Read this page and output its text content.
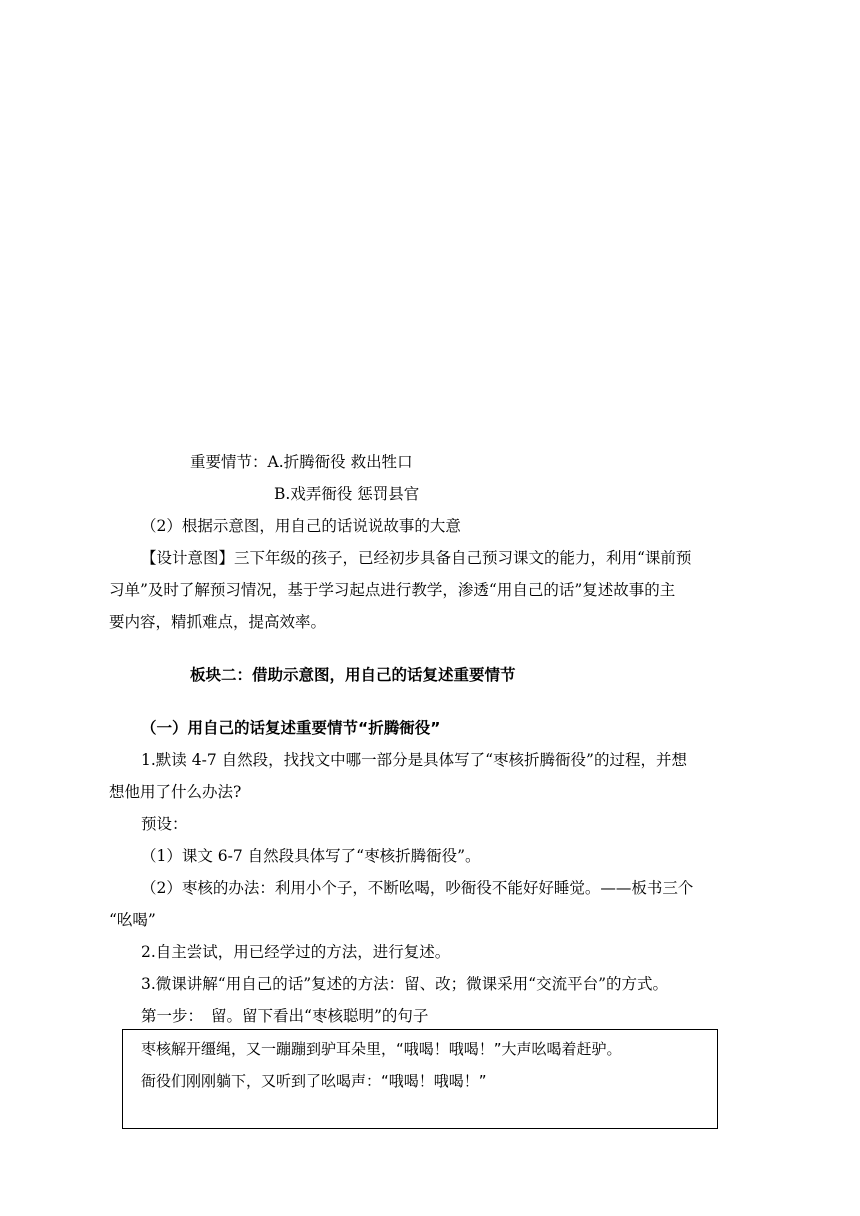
重要情节：A.折腾衙役 救出牲口
B.戏弄衙役 惩罚县官
（2）根据示意图，用自己的话说说故事的大意
【设计意图】三下年级的孩子，已经初步具备自己预习课文的能力，利用“课前预
习单”及时了解预习情况，基于学习起点进行教学，渗透“用自己的话”复述故事的主
要内容，精抓难点，提高效率。
板块二：借助示意图，用自己的话复述重要情节
（一）用自己的话复述重要情节“折腾衙役”
1.默读 4-7 自然段，找找文中哪一部分是具体写了“枣核折腾衙役”的过程，并想
想他用了什么办法?
预设：
（1）课文 6-7 自然段具体写了“枣核折腾衙役”。
（2）枣核的办法：利用小个子，不断吆喝，吵衙役不能好好睡觉。——板书三个
“吆喝”
2.自主尝试，用已经学过的方法，进行复述。
3.微课讲解“用自己的话”复述的方法：留、改；微课采用“交流平台”的方式。
第一步： 留。留下看出“枣核聪明”的句子
枣核解开缰绳，又一蹦蹦到驴耳朵里，“哦喝！哦喝！”大声吆喝着赶驴。
衙役们刚刚躺下，又听到了吆喝声：“哦喝！哦喝！”
